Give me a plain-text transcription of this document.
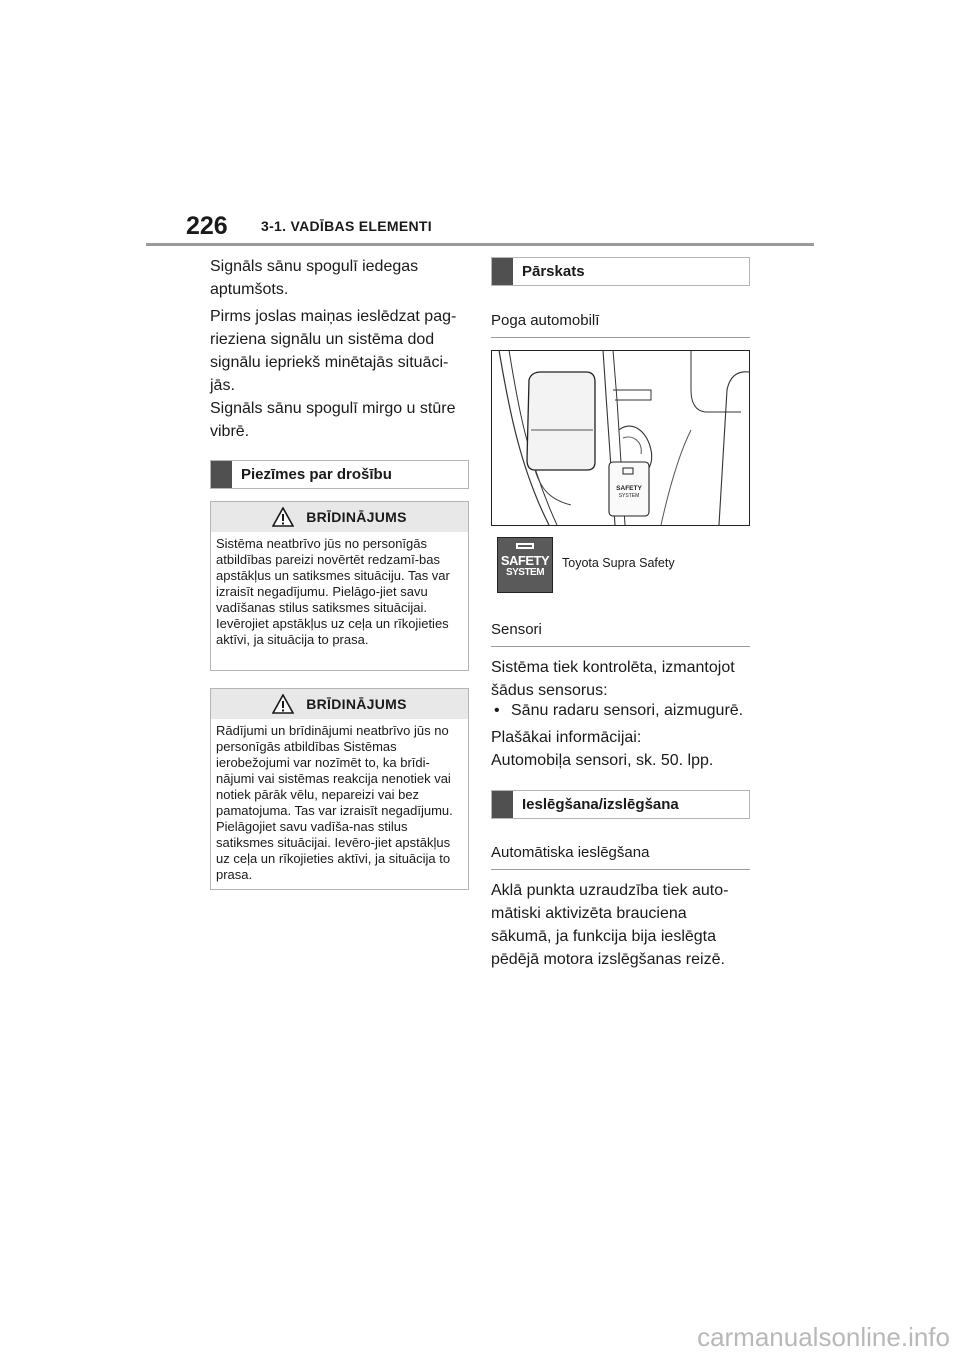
226 3-1. VADĪBAS ELEMENTI
Signāls sānu spogulī iedegas aptumšots.
Pirms joslas maiņas ieslēdzat pag-rieziena signālu un sistēma dod signālu iepriekš minētajās situāci-jās.
Signāls sānu spogulī mirgo u stūre vibrē.
Piezīmes par drošību
BRĪDINĀJUMS
Sistēma neatbrīvo jūs no personīgās atbildības pareizi novērtēt redzamī-bas apstākļus un satiksmes situāciju. Tas var izraisīt negadījumu. Pielāgo-jiet savu vadīšanas stilus satiksmes situācijai. Ievērojiet apstākļus uz ceļa un rīkojieties aktīvi, ja situācija to prasa.
BRĪDINĀJUMS
Rādījumi un brīdinājumi neatbrīvo jūs no personīgās atbildības Sistēmas ierobežojumi var nozīmēt to, ka brīdi-nājumi vai sistēmas reakcija nenotiek vai notiek pārāk vēlu, nepareizi vai bez pamatojuma. Tas var izraisīt negadījumu. Pielāgojiet savu vadīša-nas stilus satiksmes situācijai. Ievēro-jiet apstākļus uz ceļa un rīkojieties aktīvi, ja situācija to prasa.
Pārskats
Poga automobilī
SAFETY
SYSTEM
SAFETY
SYSTEM
Toyota Supra Safety
Sensori
Sistēma tiek kontrolēta, izmantojot šādus sensorus:
• Sānu radaru sensori, aizmugurē.
Plašākai informācijai:
Automobiļa sensori, sk. 50. lpp.
Ieslēgšana/izslēgšana
Automātiska ieslēgšana
Aklā punkta uzraudzība tiek auto-mātiski aktivizēta brauciena sākumā, ja funkcija bija ieslēgta pēdējā motora izslēgšanas reizē.
carmanualsonline.info
